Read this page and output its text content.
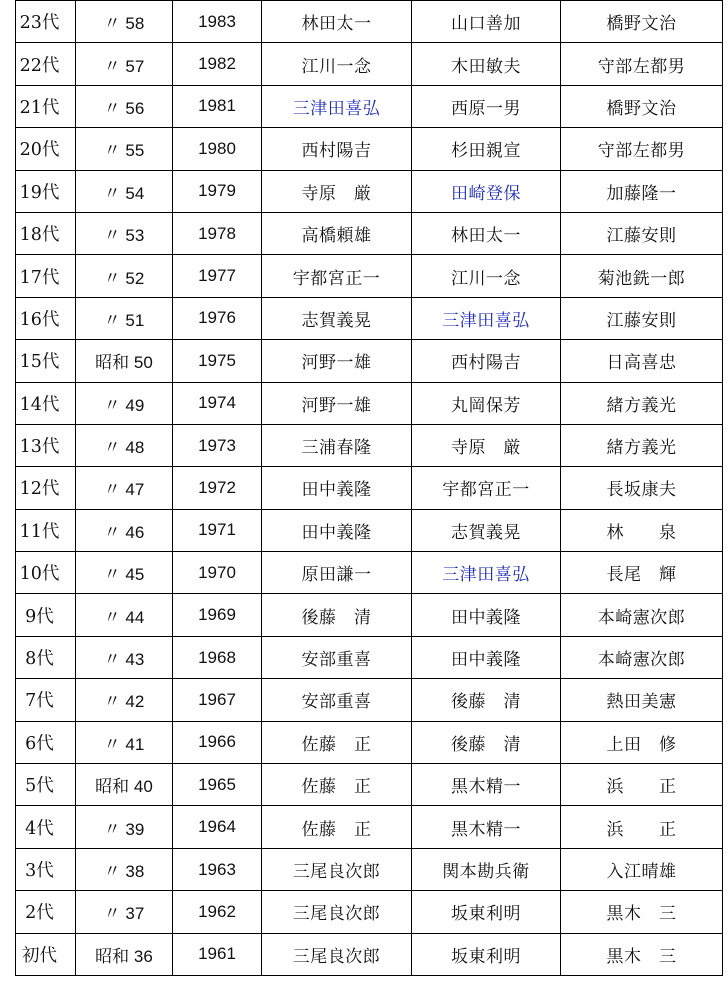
23代	〃 58	1983	林田太一	山口善加	橋野文治
22代	〃 57	1982	江川一念	木田敏夫	守部左都男
21代	〃 56	1981	三津田喜弘	西原一男	橋野文治
20代	〃 55	1980	西村陽吉	杉田親宣	守部左都男
19代	〃 54	1979	寺原　厳	田崎登保	加藤隆一
18代	〃 53	1978	高橋頼雄	林田太一	江藤安則
17代	〃 52	1977	宇都宮正一	江川一念	菊池銑一郎
16代	〃 51	1976	志賀義晃	三津田喜弘	江藤安則
15代	昭和 50	1975	河野一雄	西村陽吉	日高喜忠
14代	〃 49	1974	河野一雄	丸岡保芳	緒方義光
13代	〃 48	1973	三浦春隆	寺原　厳	緒方義光
12代	〃 47	1972	田中義隆	宇都宮正一	長坂康夫
11代	〃 46	1971	田中義隆	志賀義晃	林　　泉
10代	〃 45	1970	原田謙一	三津田喜弘	長尾　輝
9代	〃 44	1969	後藤　清	田中義隆	本崎憲次郎
8代	〃 43	1968	安部重喜	田中義隆	本崎憲次郎
7代	〃 42	1967	安部重喜	後藤　清	熱田美憲
6代	〃 41	1966	佐藤　正	後藤　清	上田　修
5代	昭和 40	1965	佐藤　正	黒木精一	浜　　正
4代	〃 39	1964	佐藤　正	黒木精一	浜　　正
3代	〃 38	1963	三尾良次郎	関本勘兵衛	入江晴雄
2代	〃 37	1962	三尾良次郎	坂東利明	黒木　三
初代	昭和 36	1961	三尾良次郎	坂東利明	黒木　三
